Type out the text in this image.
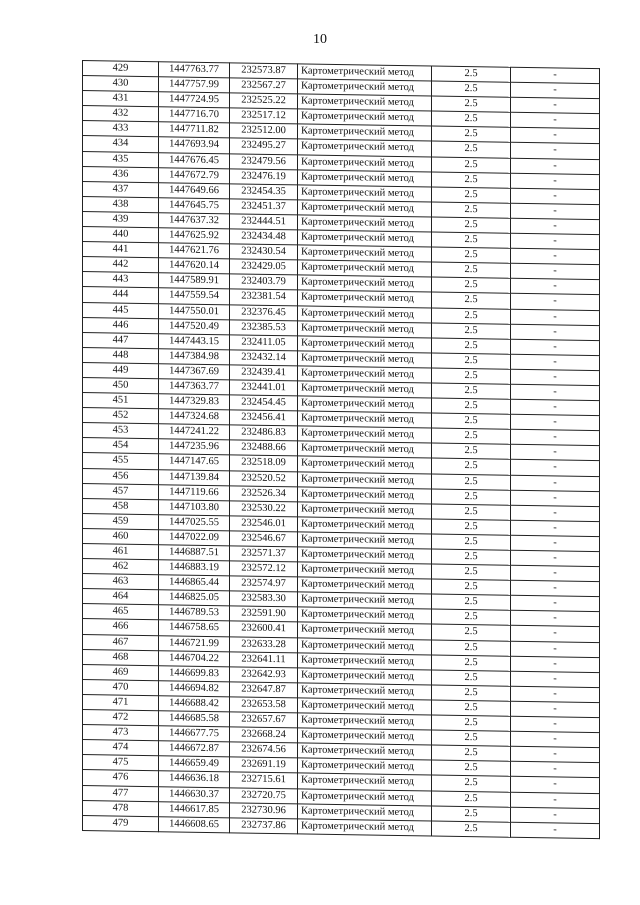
10
429	1447763.77	232573.87	Картометрический метод	2.5	-
430	1447757.99	232567.27	Картометрический метод	2.5	-
431	1447724.95	232525.22	Картометрический метод	2.5	-
432	1447716.70	232517.12	Картометрический метод	2.5	-
433	1447711.82	232512.00	Картометрический метод	2.5	-
434	1447693.94	232495.27	Картометрический метод	2.5	-
435	1447676.45	232479.56	Картометрический метод	2.5	-
436	1447672.79	232476.19	Картометрический метод	2.5	-
437	1447649.66	232454.35	Картометрический метод	2.5	-
438	1447645.75	232451.37	Картометрический метод	2.5	-
439	1447637.32	232444.51	Картометрический метод	2.5	-
440	1447625.92	232434.48	Картометрический метод	2.5	-
441	1447621.76	232430.54	Картометрический метод	2.5	-
442	1447620.14	232429.05	Картометрический метод	2.5	-
443	1447589.91	232403.79	Картометрический метод	2.5	-
444	1447559.54	232381.54	Картометрический метод	2.5	-
445	1447550.01	232376.45	Картометрический метод	2.5	-
446	1447520.49	232385.53	Картометрический метод	2.5	-
447	1447443.15	232411.05	Картометрический метод	2.5	-
448	1447384.98	232432.14	Картометрический метод	2.5	-
449	1447367.69	232439.41	Картометрический метод	2.5	-
450	1447363.77	232441.01	Картометрический метод	2.5	-
451	1447329.83	232454.45	Картометрический метод	2.5	-
452	1447324.68	232456.41	Картометрический метод	2.5	-
453	1447241.22	232486.83	Картометрический метод	2.5	-
454	1447235.96	232488.66	Картометрический метод	2.5	-
455	1447147.65	232518.09	Картометрический метод	2.5	-
456	1447139.84	232520.52	Картометрический метод	2.5	-
457	1447119.66	232526.34	Картометрический метод	2.5	-
458	1447103.80	232530.22	Картометрический метод	2.5	-
459	1447025.55	232546.01	Картометрический метод	2.5	-
460	1447022.09	232546.67	Картометрический метод	2.5	-
461	1446887.51	232571.37	Картометрический метод	2.5	-
462	1446883.19	232572.12	Картометрический метод	2.5	-
463	1446865.44	232574.97	Картометрический метод	2.5	-
464	1446825.05	232583.30	Картометрический метод	2.5	-
465	1446789.53	232591.90	Картометрический метод	2.5	-
466	1446758.65	232600.41	Картометрический метод	2.5	-
467	1446721.99	232633.28	Картометрический метод	2.5	-
468	1446704.22	232641.11	Картометрический метод	2.5	-
469	1446699.83	232642.93	Картометрический метод	2.5	-
470	1446694.82	232647.87	Картометрический метод	2.5	-
471	1446688.42	232653.58	Картометрический метод	2.5	-
472	1446685.58	232657.67	Картометрический метод	2.5	-
473	1446677.75	232668.24	Картометрический метод	2.5	-
474	1446672.87	232674.56	Картометрический метод	2.5	-
475	1446659.49	232691.19	Картометрический метод	2.5	-
476	1446636.18	232715.61	Картометрический метод	2.5	-
477	1446630.37	232720.75	Картометрический метод	2.5	-
478	1446617.85	232730.96	Картометрический метод	2.5	-
479	1446608.65	232737.86	Картометрический метод	2.5	-
